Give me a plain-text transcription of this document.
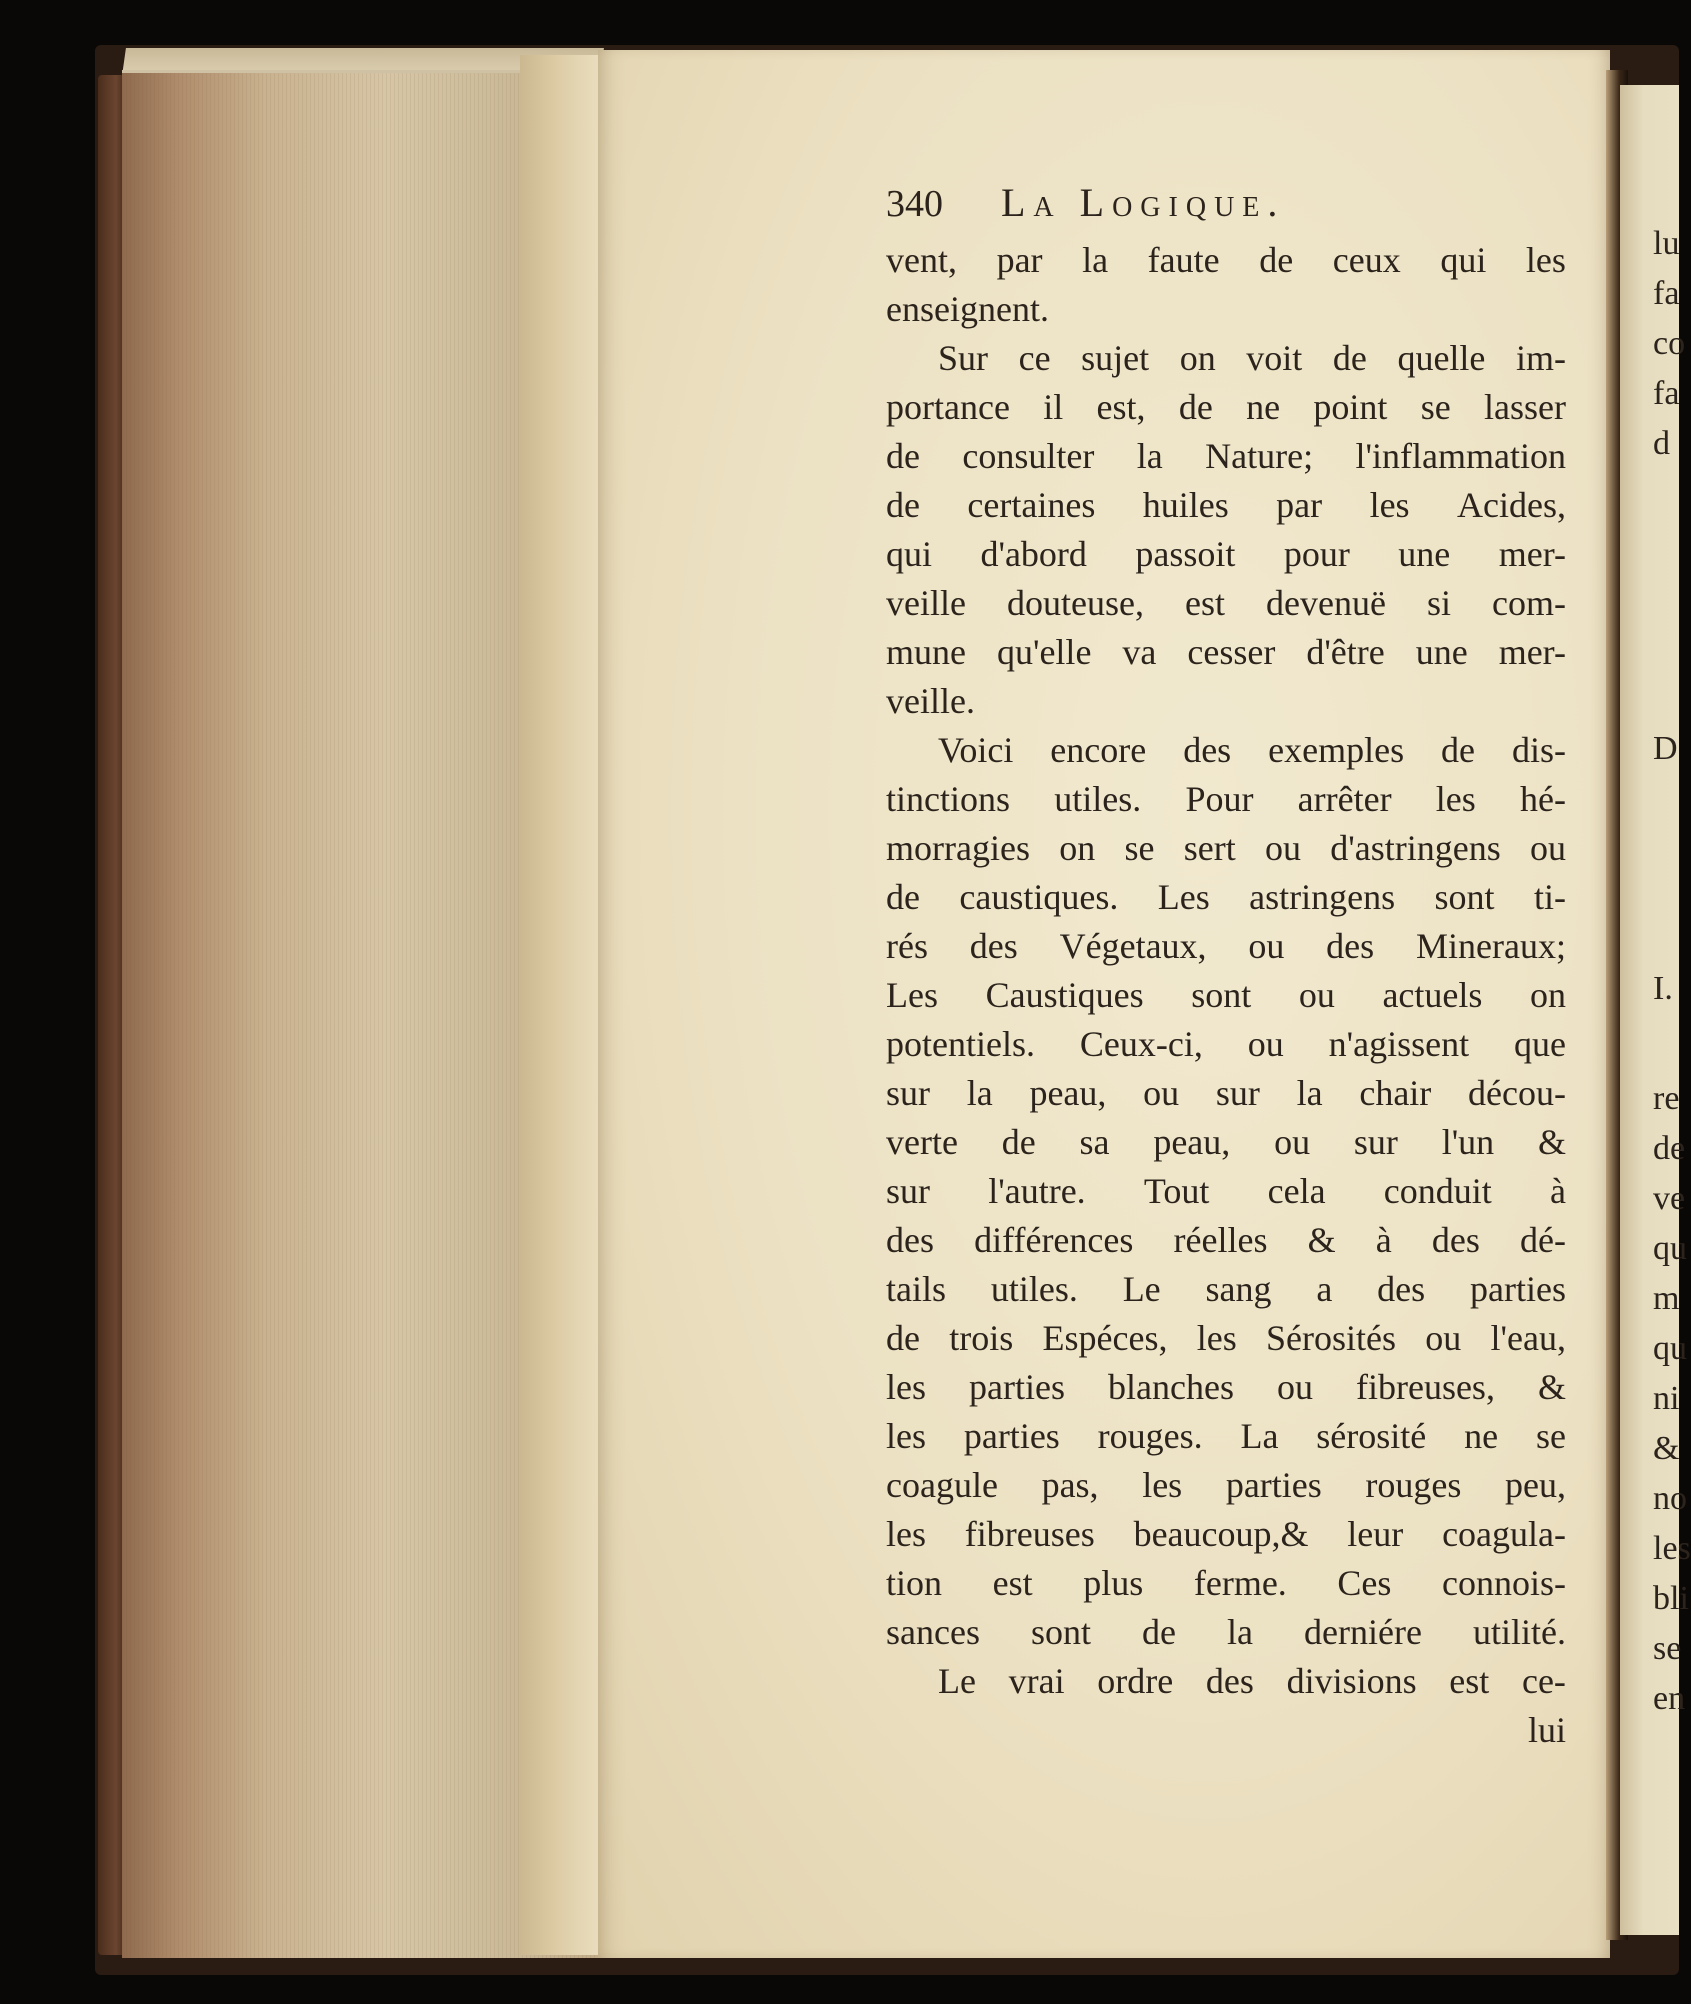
340	La Logique.
vent, par la faute de ceux qui les
enseignent.
Sur ce sujet on voit de quelle im-
portance il est, de ne point se lasser
de consulter la Nature; l'inflammation
de certaines huiles par les Acides,
qui d'abord passoit pour une mer-
veille douteuse, est devenuë si com-
mune qu'elle va cesser d'être une mer-
veille.
Voici encore des exemples de dis-
tinctions utiles. Pour arrêter les hé-
morragies on se sert ou d'astringens ou
de caustiques. Les astringens sont ti-
rés des Végetaux, ou des Mineraux;
Les Caustiques sont ou actuels on
potentiels. Ceux-ci, ou n'agissent que
sur la peau, ou sur la chair décou-
verte de sa peau, ou sur l'un &
sur l'autre. Tout cela conduit à
des différences réelles & à des dé-
tails utiles. Le sang a des parties
de trois Espéces, les Sérosités ou l'eau,
les parties blanches ou fibreuses, &
les parties rouges. La sérosité ne se
coagule pas, les parties rouges peu,
les fibreuses beaucoup,& leur coagula-
tion est plus ferme. Ces connois-
sances sont de la derniére utilité.
Le vrai ordre des divisions est ce-
lui
lu
fa
co
fa
d
D
I.
re
de
ve
qu
m
qu
ni
&
no
les
bli
se
en
